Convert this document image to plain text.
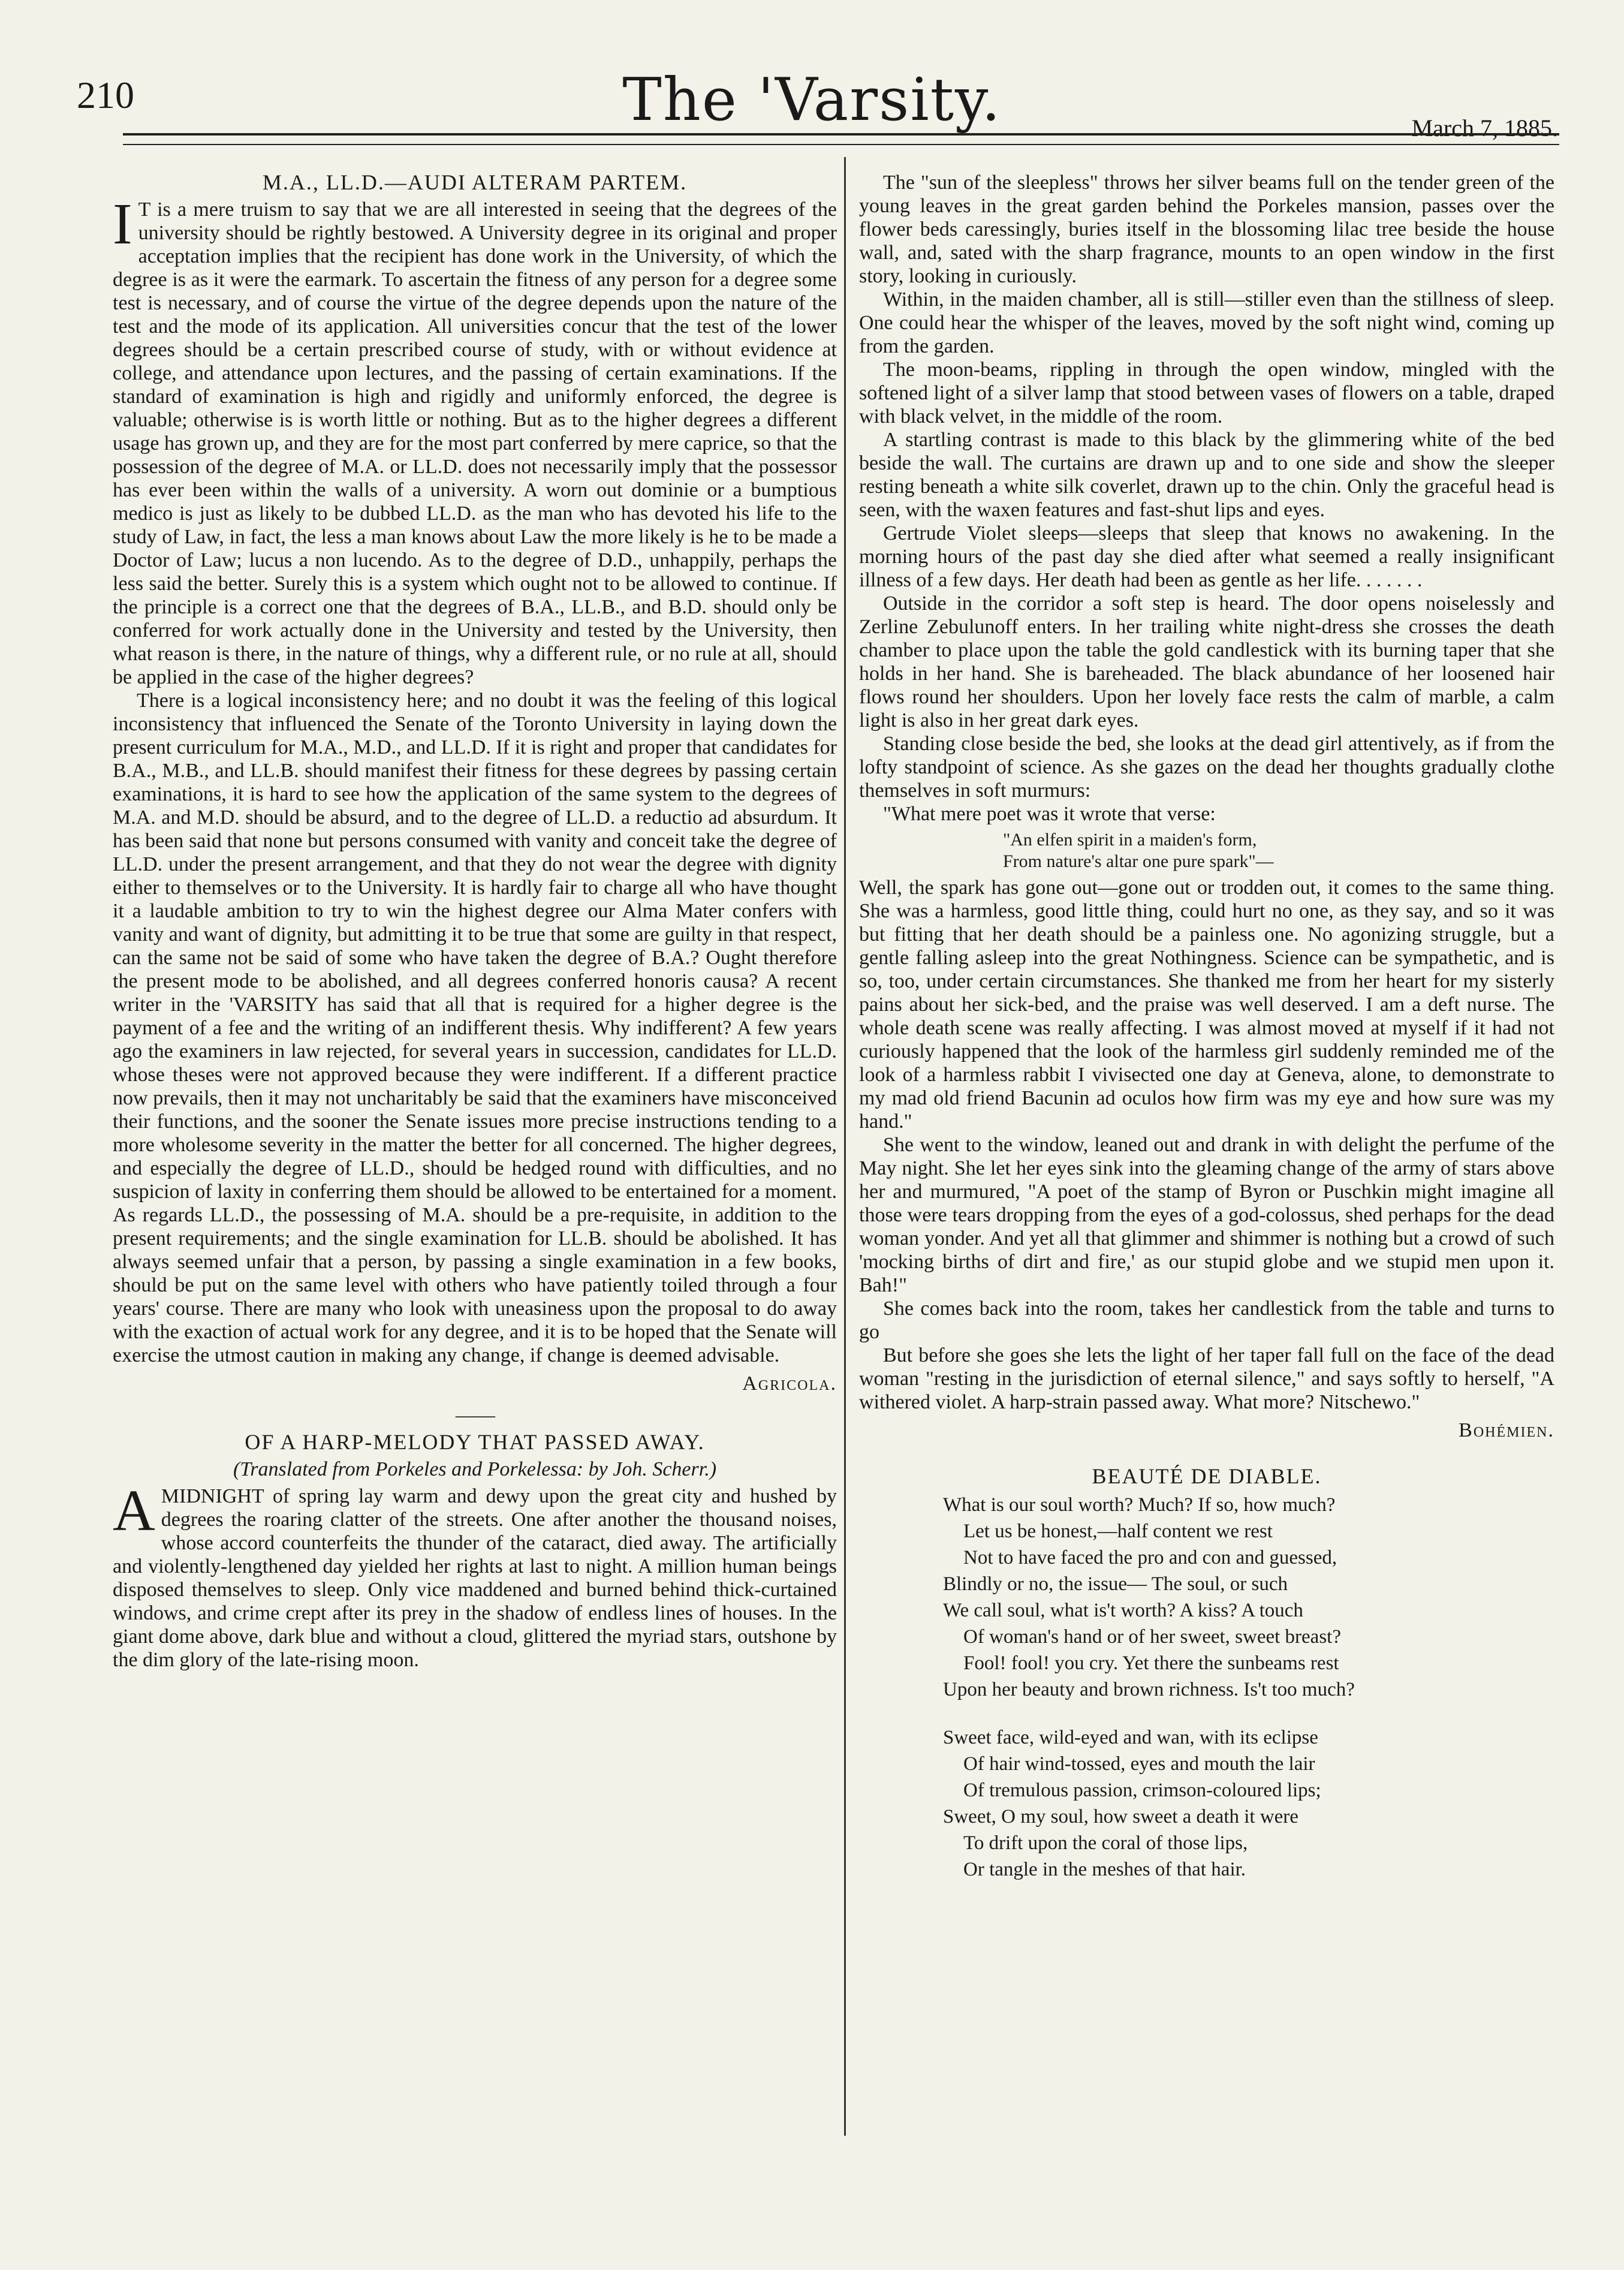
210	The 'Varsity.	March 7, 1885.
M.A., LL.D.—AUDI ALTERAM PARTEM.

I T is a mere truism to say that we are all interested in seeing that the degrees of the university should be rightly bestowed. A University degree in its original and proper acceptation implies that the recipient has done work in the University, of which the degree is as it were the earmark. To ascertain the fitness of any person for a degree some test is necessary, and of course the virtue of the degree depends upon the nature of the test and the mode of its application. All universities concur that the test of the lower degrees should be a certain prescribed course of study, with or without evidence at college, and attendance upon lectures, and the passing of certain examinations. If the standard of examination is high and rigidly and uniformly enforced, the degree is valuable; otherwise is is worth little or nothing. But as to the higher degrees a different usage has grown up, and they are for the most part conferred by mere caprice, so that the possession of the degree of M.A. or LL.D. does not necessarily imply that the possessor has ever been within the walls of a university. A worn out dominie or a bumptious medico is just as likely to be dubbed LL.D. as the man who has devoted his life to the study of Law, in fact, the less a man knows about Law the more likely is he to be made a Doctor of Law; lucus a non lucendo. As to the degree of D.D., unhappily, perhaps the less said the better. Surely this is a system which ought not to be allowed to continue. If the principle is a correct one that the degrees of B.A., LL.B., and B.D. should only be conferred for work actually done in the University and tested by the University, then what reason is there, in the nature of things, why a different rule, or no rule at all, should be applied in the case of the higher degrees?

There is a logical inconsistency here; and no doubt it was the feeling of this logical inconsistency that influenced the Senate of the Toronto University in laying down the present curriculum for M.A., M.D., and LL.D. If it is right and proper that candidates for B.A., M.B., and LL.B. should manifest their fitness for these degrees by passing certain examinations, it is hard to see how the application of the same system to the degrees of M.A. and M.D. should be absurd, and to the degree of LL.D. a reductio ad absurdum. It has been said that none but persons consumed with vanity and conceit take the degree of LL.D. under the present arrangement, and that they do not wear the degree with dignity either to themselves or to the University. It is hardly fair to charge all who have thought it a laudable ambition to try to win the highest degree our Alma Mater confers with vanity and want of dignity, but admitting it to be true that some are guilty in that respect, can the same not be said of some who have taken the degree of B.A.? Ought therefore the present mode to be abolished, and all degrees conferred honoris causa? A recent writer in the 'VARSITY has said that all that is required for a higher degree is the payment of a fee and the writing of an indifferent thesis. Why indifferent? A few years ago the examiners in law rejected, for several years in succession, candidates for LL.D. whose theses were not approved because they were indifferent. If a different practice now prevails, then it may not uncharitably be said that the examiners have misconceived their functions, and the sooner the Senate issues more precise instructions tending to a more wholesome severity in the matter the better for all concerned. The higher degrees, and especially the degree of LL.D., should be hedged round with difficulties, and no suspicion of laxity in conferring them should be allowed to be entertained for a moment. As regards LL.D., the possessing of M.A. should be a pre-requisite, in addition to the present requirements; and the single examination for LL.B. should be abolished. It has always seemed unfair that a person, by passing a single examination in a few books, should be put on the same level with others who have patiently toiled through a four years' course. There are many who look with uneasiness upon the proposal to do away with the exaction of actual work for any degree, and it is to be hoped that the Senate will exercise the utmost caution in making any change, if change is deemed advisable.

Agricola.
——
OF A HARP-MELODY THAT PASSED AWAY.
(Translated from Porkeles and Porkelessa: by Joh. Scherr.)

A MIDNIGHT of spring lay warm and dewy upon the great city and hushed by degrees the roaring clatter of the streets. One after another the thousand noises, whose accord counterfeits the thunder of the cataract, died away. The artificially and violently-lengthened day yielded her rights at last to night. A million human beings disposed themselves to sleep. Only vice maddened and burned behind thick-curtained windows, and crime crept after its prey in the shadow of endless lines of houses. In the giant dome above, dark blue and without a cloud, glittered the myriad stars, outshone by the dim glory of the late-rising moon.

The "sun of the sleepless" throws her silver beams full on the tender green of the young leaves in the great garden behind the Porkeles mansion, passes over the flower beds caressingly, buries itself in the blossoming lilac tree beside the house wall, and, sated with the sharp fragrance, mounts to an open window in the first story, looking in curiously.

Within, in the maiden chamber, all is still—stiller even than the stillness of sleep. One could hear the whisper of the leaves, moved by the soft night wind, coming up from the garden.

The moon-beams, rippling in through the open window, mingled with the softened light of a silver lamp that stood between vases of flowers on a table, draped with black velvet, in the middle of the room.

A startling contrast is made to this black by the glimmering white of the bed beside the wall. The curtains are drawn up and to one side and show the sleeper resting beneath a white silk coverlet, drawn up to the chin. Only the graceful head is seen, with the waxen features and fast-shut lips and eyes.

Gertrude Violet sleeps—sleeps that sleep that knows no awakening. In the morning hours of the past day she died after what seemed a really insignificant illness of a few days. Her death had been as gentle as her life. . . . . . .

Outside in the corridor a soft step is heard. The door opens noiselessly and Zerline Zebulunoff enters. In her trailing white night-dress she crosses the death chamber to place upon the table the gold candlestick with its burning taper that she holds in her hand. She is bareheaded. The black abundance of her loosened hair flows round her shoulders. Upon her lovely face rests the calm of marble, a calm light is also in her great dark eyes.

Standing close beside the bed, she looks at the dead girl attentively, as if from the lofty standpoint of science. As she gazes on the dead her thoughts gradually clothe themselves in soft murmurs:

"What mere poet was it wrote that verse:

"An elfen spirit in a maiden's form,
From nature's altar one pure spark"—

Well, the spark has gone out—gone out or trodden out, it comes to the same thing. She was a harmless, good little thing, could hurt no one, as they say, and so it was but fitting that her death should be a painless one. No agonizing struggle, but a gentle falling asleep into the great Nothingness. Science can be sympathetic, and is so, too, under certain circumstances. She thanked me from her heart for my sisterly pains about her sick-bed, and the praise was well deserved. I am a deft nurse. The whole death scene was really affecting. I was almost moved at myself if it had not curiously happened that the look of the harmless girl suddenly reminded me of the look of a harmless rabbit I vivisected one day at Geneva, alone, to demonstrate to my mad old friend Bacunin ad oculos how firm was my eye and how sure was my hand."

She went to the window, leaned out and drank in with delight the perfume of the May night. She let her eyes sink into the gleaming change of the army of stars above her and murmured, "A poet of the stamp of Byron or Puschkin might imagine all those were tears dropping from the eyes of a god-colossus, shed perhaps for the dead woman yonder. And yet all that glimmer and shimmer is nothing but a crowd of such 'mocking births of dirt and fire,' as our stupid globe and we stupid men upon it. Bah!"

She comes back into the room, takes her candlestick from the table and turns to go

But before she goes she lets the light of her taper fall full on the face of the dead woman "resting in the jurisdiction of eternal silence," and says softly to herself, "A withered violet. A harp-strain passed away. What more? Nitschewo."

Bohémien.
BEAUTÉ DE DIABLE.
What is our soul worth? Much? If so, how much?
Let us be honest,—half content we rest
Not to have faced the pro and con and guessed,
Blindly or no, the issue— The soul, or such
We call soul, what is't worth? A kiss? A touch
Of woman's hand or of her sweet, sweet breast?
Fool! fool! you cry. Yet there the sunbeams rest
Upon her beauty and brown richness. Is't too much?
Sweet face, wild-eyed and wan, with its eclipse
Of hair wind-tossed, eyes and mouth the lair
Of tremulous passion, crimson-coloured lips;
Sweet, O my soul, how sweet a death it were
To drift upon the coral of those lips,
Or tangle in the meshes of that hair.
